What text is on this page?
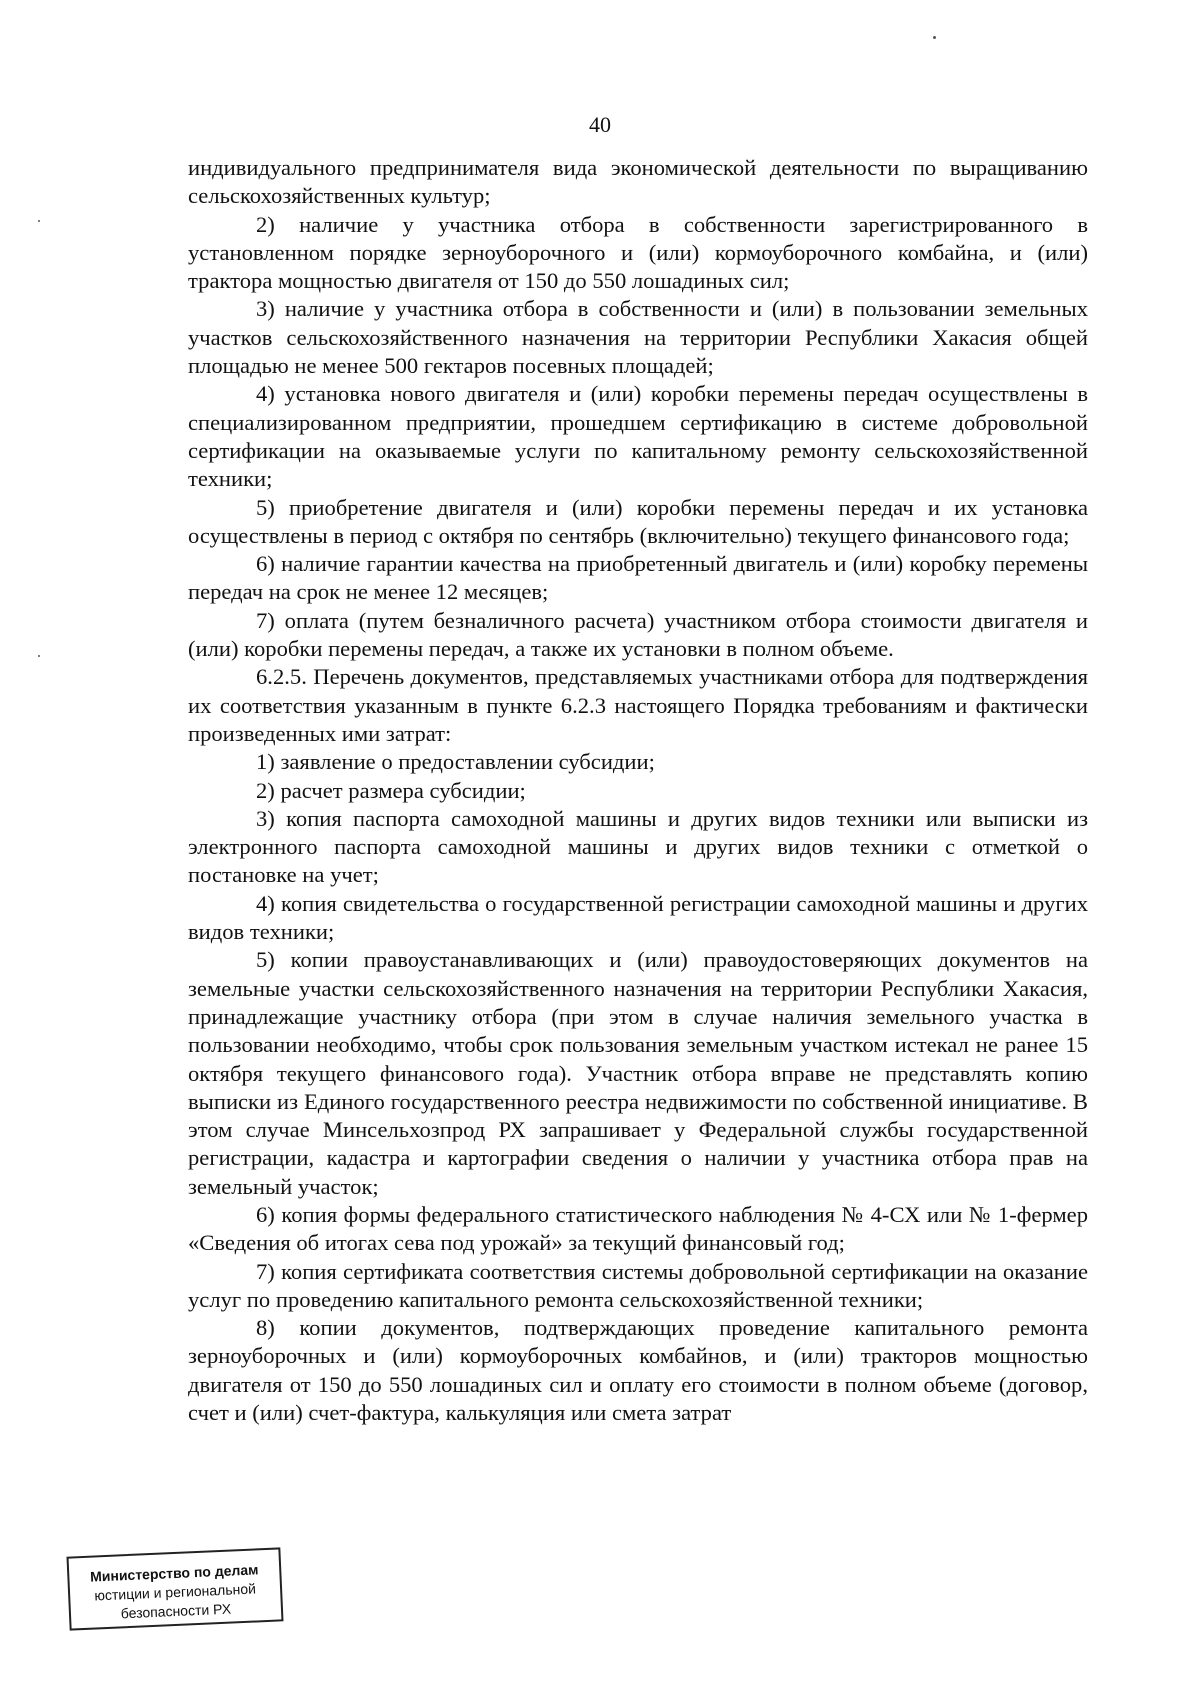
40

индивидуального предпринимателя вида экономической деятельности по выращиванию сельскохозяйственных культур;

2) наличие у участника отбора в собственности зарегистрированного в установленном порядке зерноуборочного и (или) кормоуборочного комбайна, и (или) трактора мощностью двигателя от 150 до 550 лошадиных сил;

3) наличие у участника отбора в собственности и (или) в пользовании земельных участков сельскохозяйственного назначения на территории Республики Хакасия общей площадью не менее 500 гектаров посевных площадей;

4) установка нового двигателя и (или) коробки перемены передач осуществлены в специализированном предприятии, прошедшем сертификацию в системе добровольной сертификации на оказываемые услуги по капитальному ремонту сельскохозяйственной техники;

5) приобретение двигателя и (или) коробки перемены передач и их установка осуществлены в период с октября по сентябрь (включительно) текущего финансового года;

6) наличие гарантии качества на приобретенный двигатель и (или) коробку перемены передач на срок не менее 12 месяцев;

7) оплата (путем безналичного расчета) участником отбора стоимости двигателя и (или) коробки перемены передач, а также их установки в полном объеме.

6.2.5. Перечень документов, представляемых участниками отбора для подтверждения их соответствия указанным в пункте 6.2.3 настоящего Порядка требованиям и фактически произведенных ими затрат:

1) заявление о предоставлении субсидии;

2) расчет размера субсидии;

3) копия паспорта самоходной машины и других видов техники или выписки из электронного паспорта самоходной машины и других видов техники с отметкой о постановке на учет;

4) копия свидетельства о государственной регистрации самоходной машины и других видов техники;

5) копии правоустанавливающих и (или) правоудостоверяющих документов на земельные участки сельскохозяйственного назначения на территории Республики Хакасия, принадлежащие участнику отбора (при этом в случае наличия земельного участка в пользовании необходимо, чтобы срок пользования земельным участком истекал не ранее 15 октября текущего финансового года). Участник отбора вправе не представлять копию выписки из Единого государственного реестра недвижимости по собственной инициативе. В этом случае Минсельхозпрод РХ запрашивает у Федеральной службы государственной регистрации, кадастра и картографии сведения о наличии у участника отбора прав на земельный участок;

6) копия формы федерального статистического наблюдения № 4-СХ или № 1-фермер «Сведения об итогах сева под урожай» за текущий финансовый год;

7) копия сертификата соответствия системы добровольной сертификации на оказание услуг по проведению капитального ремонта сельскохозяйственной техники;

8) копии документов, подтверждающих проведение капитального ремонта зерноуборочных и (или) кормоуборочных комбайнов, и (или) тракторов мощностью двигателя от 150 до 550 лошадиных сил и оплату его стоимости в полном объеме (договор, счет и (или) счет-фактура, калькуляция или смета затрат

Министерство по делам
юстиции и региональной
безопасности РХ
